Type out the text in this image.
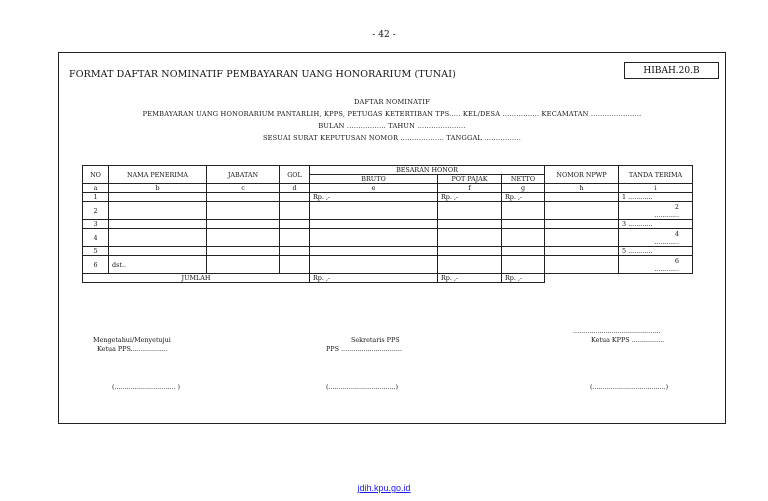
- 42 -
FORMAT DAFTAR NOMINATIF PEMBAYARAN UANG HONORARIUM (TUNAI)	HIBAH.20.B
DAFTAR NOMINATIF
PEMBAYARAN UANG HONORARIUM PANTARLIH, KPPS, PETUGAS KETERTIBAN TPS..... KEL/DESA ................ KECAMATAN ......................
BULAN ................. TAHUN .....................
SESUAI SURAT KEPUTUSAN NOMOR ................... TANGGAL ................
NO	NAMA PENERIMA	JABATAN	GOL	BESARAN HONOR			NOMOR NPWP	TANDA TERIMA
				BRUTO	POT PAJAK	NETTO		
a	b	c	d	e	f	g	h	i
1				Rp. ,-	Rp. ,-	Rp. ,-		1 ............
2								2
............

3								3 ............
4								4
............

5								5 ............
6	dst..							6
............

JUMLAH				Rp. ,-	Rp. ,-	Rp. ,-		
Mengetahui/Menyetujui
Ketua PPS..................
(.............................. )
Sekretaris PPS
PPS ..............................
(.................................)
...........................................
Ketua KPPS ................
(....................................)
jdih.kpu.go.id
